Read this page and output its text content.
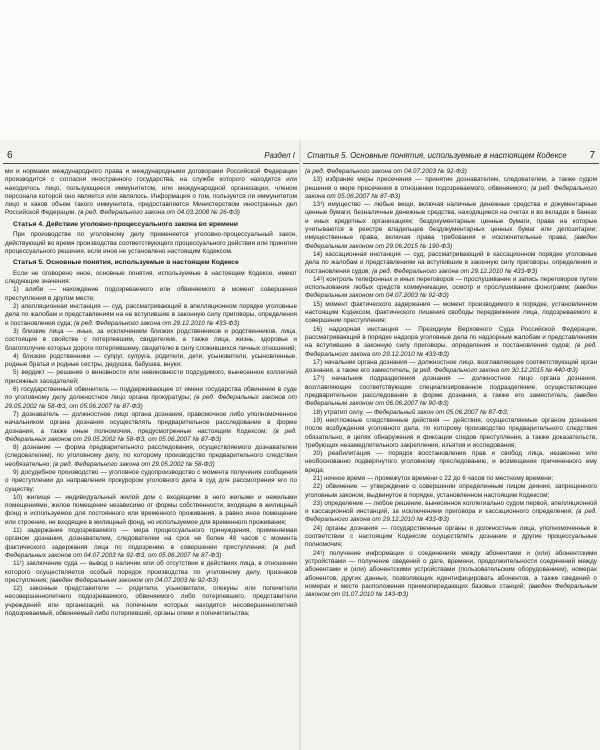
6	Раздел I

ми и нормами международного права и международными договорами Российской Федерации производится с согласия иностранного государства, на службе которого находится или находилось лицо, пользующееся иммунитетом, или международной организации, членом персонала которой оно является или являлось. Информация о том, пользуется ли иммунитетом лицо и каков объем такого иммунитета, предоставляется Министерством иностранных дел Российской Федерации. (в ред. Федерального закона от 04.03.2008 № 26-ФЗ)

Статья 4. Действие уголовно-процессуального закона во времени

При производстве по уголовному делу применяется уголовно-процессуальный закон, действующий во время производства соответствующего процессуального действия или принятия процессуального решения, если иное не установлено настоящим Кодексом.

Статья 5. Основные понятия, используемые в настоящем Кодексе

Если не оговорено иное, основные понятия, используемые в настоящем Кодексе, имеют следующие значения:

1) алиби — нахождение подозреваемого или обвиняемого в момент совершения преступления в другом месте;

2) апелляционная инстанция — суд, рассматривающий в апелляционном порядке уголовные дела по жалобам и представлениям на не вступившие в законную силу приговоры, определения и постановления суда; (в ред. Федерального закона от 29.12.2010 № 433-ФЗ)

3) близкие лица — иные, за исключением близких родственников и родственников, лица, состоящие в свойстве с потерпевшим, свидетелем, а также лица, жизнь, здоровье и благополучие которых дороги потерпевшему, свидетелю в силу сложившихся личных отношений;

4) близкие родственники — супруг, супруга, родители, дети, усыновители, усыновленные, родные братья и родные сестры, дедушка, бабушка, внуки;

5) вердикт — решение о виновности или невиновности подсудимого, вынесенное коллегией присяжных заседателей;

6) государственный обвинитель — поддерживающее от имени государства обвинение в суде по уголовному делу должностное лицо органа прокуратуры; (в ред. Федеральных законов от 29.05.2002 № 58-ФЗ, от 05.06.2007 № 87-ФЗ)

7) дознаватель — должностное лицо органа дознания, правомочное либо уполномоченное начальником органа дознания осуществлять предварительное расследование в форме дознания, а также иные полномочия, предусмотренные настоящим Кодексом; (в ред. Федеральных законов от 29.05.2002 № 58-ФЗ, от 05.06.2007 № 87-ФЗ)

8) дознание — форма предварительного расследования, осуществляемого дознавателем (следователем), по уголовному делу, по которому производство предварительного следствия необязательно; (в ред. Федерального закона от 29.05.2002 № 58-ФЗ)

9) досудебное производство — уголовное судопроизводство с момента получения сообщения о преступлении до направления прокурором уголовного дела в суд для рассмотрения его по существу;

10) жилище — индивидуальный жилой дом с входящими в него жилыми и нежилыми помещениями, жилое помещение независимо от формы собственности, входящее в жилищный фонд и используемое для постоянного или временного проживания, а равно иное помещение или строение, не входящее в жилищный фонд, но используемое для временного проживания;

11) задержание подозреваемого — мера процессуального принуждения, применяемая органом дознания, дознавателем, следователем на срок не более 48 часов с момента фактического задержания лица по подозрению в совершении преступления; (в ред. Федеральных законов от 04.07.2003 № 92-ФЗ, от 05.06.2007 № 87-ФЗ)

11¹) заключение суда — вывод о наличии или об отсутствии в действиях лица, в отношении которого осуществляется особый порядок производства по уголовному делу, признаков преступления; (введен Федеральным законом от 04.07.2003 № 92-ФЗ)

12) законные представители — родители, усыновители, опекуны или попечители несовершеннолетнего подозреваемого, обвиняемого либо потерпевшего, представители учреждений или организаций, на попечении которых находится несовершеннолетний подозреваемый, обвиняемый либо потерпевший, органы опеки и попечительства;

Статья 5. Основные понятия, используемые в настоящем Кодексе 7

(в ред. Федерального закона от 04.07.2003 № 92-ФЗ)

13) избрание меры пресечения — принятие дознавателем, следователем, а также судом решения о мере пресечения в отношении подозреваемого, обвиняемого; (в ред. Федерального закона от 05.06.2007 № 87-ФЗ)

13¹) имущество — любые вещи, включая наличные денежные средства и документарные ценные бумаги; безналичные денежные средства, находящиеся на счетах и во вкладах в банках и иных кредитных организациях; бездокументарные ценные бумаги, права на которые учитываются в реестре владельцев бездокументарных ценных бумаг или депозитарии; имущественные права, включая права требования и исключительные права; (введен Федеральным законом от 29.06.2015 № 190-ФЗ)

14) кассационная инстанция — суд, рассматривающий в кассационном порядке уголовные дела по жалобам и представлениям на вступившие в законную силу приговоры, определения и постановления судов; (в ред. Федерального закона от 29.12.2010 № 433-ФЗ)

14¹) контроль телефонных и иных переговоров — прослушивание и запись переговоров путем использования любых средств коммуникации, осмотр и прослушивание фонограмм; (введен Федеральным законом от 04.07.2003 № 92-ФЗ)

15) момент фактического задержания — момент производимого в порядке, установленном настоящим Кодексом, фактического лишения свободы передвижения лица, подозреваемого в совершении преступления;

16) надзорная инстанция — Президиум Верховного Суда Российской Федерации, рассматривающий в порядке надзора уголовные дела по надзорным жалобам и представлениям на вступившие в законную силу приговоры, определения и постановления судов; (в ред. Федерального закона от 29.12.2010 № 433-ФЗ)

17) начальник органа дознания — должностное лицо, возглавляющее соответствующий орган дознания, а также его заместитель; (в ред. Федерального закона от 30.12.2015 № 440-ФЗ)

17¹) начальник подразделения дознания — должностное лицо органа дознания, возглавляющее соответствующее специализированное подразделение, осуществляющее предварительное расследование в форме дознания, а также его заместитель; (введен Федеральным законом от 06.06.2007 № 90-ФЗ)

18) утратил силу. — Федеральный закон от 05.06.2007 № 87-ФЗ;

19) неотложные следственные действия — действия, осуществляемые органом дознания после возбуждения уголовного дела, по которому производство предварительного следствия обязательно, в целях обнаружения и фиксации следов преступления, а также доказательств, требующих незамедлительного закрепления, изъятия и исследования;

20) реабилитация — порядок восстановления прав и свобод лица, незаконно или необоснованно подвергнутого уголовному преследованию, и возмещения причиненного ему вреда;

21) ночное время — промежуток времени с 22 до 6 часов по местному времени;

22) обвинение — утверждение о совершении определенным лицом деяния, запрещенного уголовным законом, выдвинутое в порядке, установленном настоящим Кодексом;

23) определение — любое решение, вынесенное коллегиально судом первой, апелляционной и кассационной инстанций, за исключением приговора и кассационного определения; (в ред. Федерального закона от 29.12.2010 № 433-ФЗ)

24) органы дознания — государственные органы и должностные лица, уполномоченные в соответствии с настоящим Кодексом осуществлять дознание и другие процессуальные полномочия;

24¹) получение информации о соединениях между абонентами и (или) абонентскими устройствами — получение сведений о дате, времени, продолжительности соединений между абонентами и (или) абонентскими устройствами (пользовательским оборудованием), номерах абонентов, других данных, позволяющих идентифицировать абонентов, а также сведений о номерах и месте расположения приемопередающих базовых станций; (введен Федеральным законом от 01.07.2010 № 143-ФЗ)
